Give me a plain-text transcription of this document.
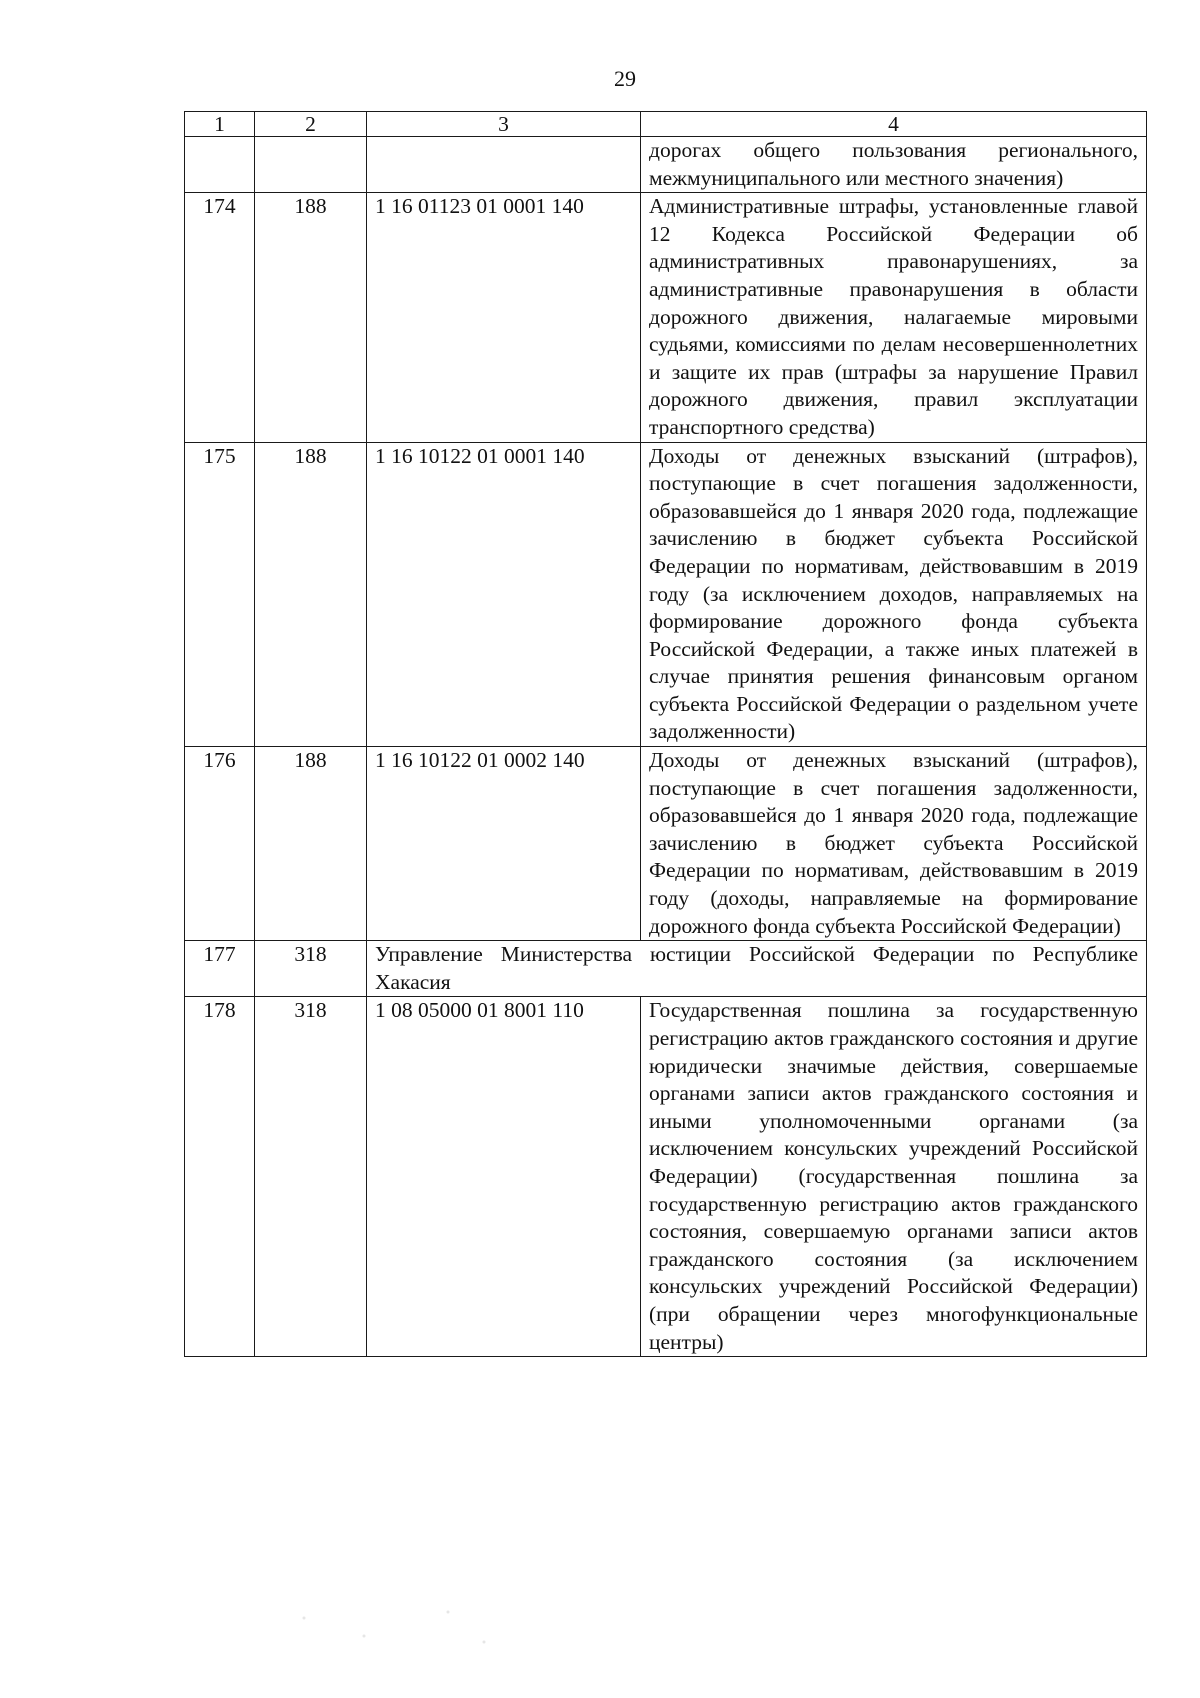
29
1	2	3	4

			дорогах общего пользования регионального, межмуниципального или местного значения)

174	188	1 16 01123 01 0001 140	Административные штрафы, установленные главой 12 Кодекса Российской Федерации об административных правонарушениях, за административные правонарушения в области дорожного движения, налагаемые мировыми судьями, комиссиями по делам несовершеннолетних и защите их прав (штрафы за нарушение Правил дорожного движения, правил эксплуатации транспортного средства)

175	188	1 16 10122 01 0001 140	Доходы от денежных взысканий (штрафов), поступающие в счет погашения задолженности, образовавшейся до 1 января 2020 года, подлежащие зачислению в бюджет субъекта Российской Федерации по нормативам, действовавшим в 2019 году (за исключением доходов, направляемых на формирование дорожного фонда субъекта Российской Федерации, а также иных платежей в случае принятия решения финансовым органом субъекта Российской Федерации о раздельном учете задолженности)

176	188	1 16 10122 01 0002 140	Доходы от денежных взысканий (штрафов), поступающие в счет погашения задолженности, образовавшейся до 1 января 2020 года, подлежащие зачислению в бюджет субъекта Российской Федерации по нормативам, действовавшим в 2019 году (доходы, направляемые на формирование дорожного фонда субъекта Российской Федерации)

177	318	Управление Министерства юстиции Российской Федерации по Республике Хакасия	

178	318	1 08 05000 01 8001 110	Государственная пошлина за государственную регистрацию актов гражданского состояния и другие юридически значимые действия, совершаемые органами записи актов гражданского состояния и иными уполномоченными органами (за исключением консульских учреждений Российской Федерации) (государственная пошлина за государственную регистрацию актов гражданского состояния, совершаемую органами записи актов гражданского состояния (за исключением консульских учреждений Российской Федерации) (при обращении через многофункциональные центры)
